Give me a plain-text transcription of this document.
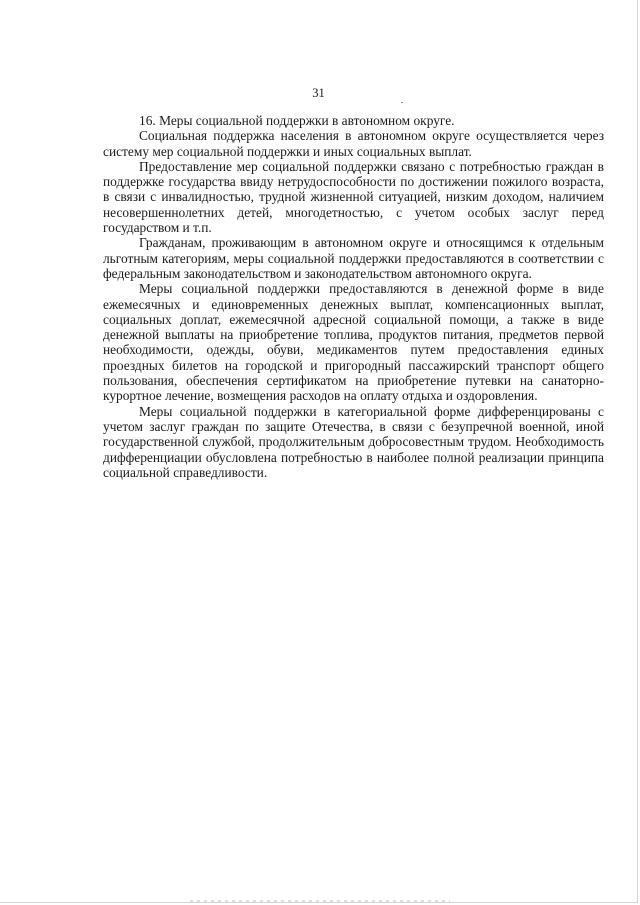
31

16. Меры социальной поддержки в автономном округе.

Социальная поддержка населения в автономном округе осуществляется через систему мер социальной поддержки и иных социальных выплат.

Предоставление мер социальной поддержки связано с потребностью граждан в поддержке государства ввиду нетрудоспособности по достижении пожилого возраста, в связи с инвалидностью, трудной жизненной ситуацией, низким доходом, наличием несовершеннолетних детей, многодетностью, с учетом особых заслуг перед государством и т.п.

Гражданам, проживающим в автономном округе и относящимся к отдельным льготным категориям, меры социальной поддержки предоставляются в соответствии с федеральным законодательством и законодательством автономного округа.

Меры социальной поддержки предоставляются в денежной форме в виде ежемесячных и единовременных денежных выплат, компенсационных выплат, социальных доплат, ежемесячной адресной социальной помощи, а также в виде денежной выплаты на приобретение топлива, продуктов питания, предметов первой необходимости, одежды, обуви, медикаментов путем предоставления единых проездных билетов на городской и пригородный пассажирский транспорт общего пользования, обеспечения сертификатом на приобретение путевки на санаторно-курортное лечение, возмещения расходов на оплату отдыха и оздоровления.

Меры социальной поддержки в категориальной форме дифференцированы с учетом заслуг граждан по защите Отечества, в связи с безупречной военной, иной государственной службой, продолжительным добросовестным трудом. Необходимость дифференциации обусловлена потребностью в наиболее полной реализации принципа социальной справедливости.
